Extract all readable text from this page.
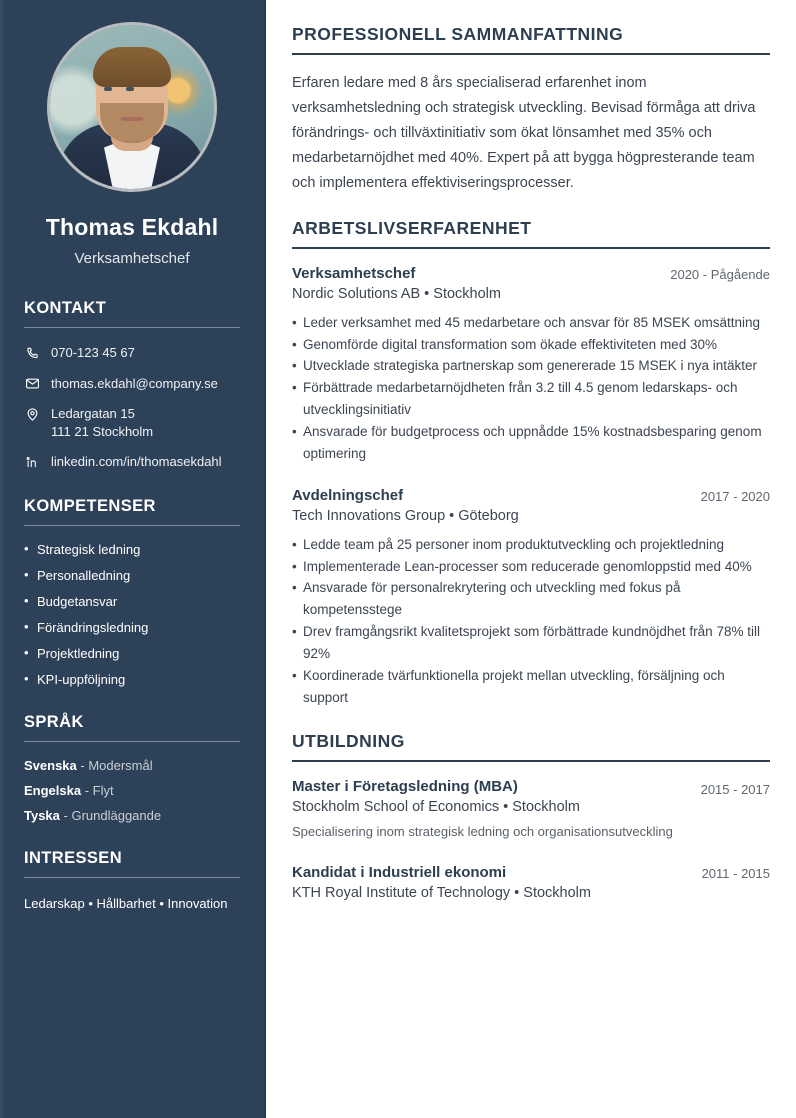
Thomas Ekdahl
Verksamhetschef
KONTAKT
070-123 45 67
thomas.ekdahl@company.se
Ledargatan 15
111 21 Stockholm
linkedin.com/in/thomasekdahl
KOMPETENSER
• Strategisk ledning
• Personalledning
• Budgetansvar
• Förändringsledning
• Projektledning
• KPI-uppföljning
SPRÅK
Svenska - Modersmål
Engelska - Flyt
Tyska - Grundläggande
INTRESSEN
Ledarskap • Hållbarhet • Innovation
PROFESSIONELL SAMMANFATTNING

Erfaren ledare med 8 års specialiserad erfarenhet inom verksamhetsledning och strategisk utveckling. Bevisad förmåga att driva förändrings- och tillväxtinitiativ som ökat lönsamhet med 35% och medarbetarnöjdhet med 40%. Expert på att bygga högpresterande team och implementera effektiviseringsprocesser.

ARBETSLIVSERFARENHET
Verksamhetschef
Nordic Solutions AB • Stockholm
2020 - Pågående
• Leder verksamhet med 45 medarbetare och ansvar för 85 MSEK omsättning
• Genomförde digital transformation som ökade effektiviteten med 30%
• Utvecklade strategiska partnerskap som genererade 15 MSEK i nya intäkter
• Förbättrade medarbetarnöjdheten från 3.2 till 4.5 genom ledarskaps- och utvecklingsinitiativ
• Ansvarade för budgetprocess och uppnådde 15% kostnadsbesparing genom optimering
Avdelningschef
Tech Innovations Group • Göteborg
2017 - 2020
• Ledde team på 25 personer inom produktutveckling och projektledning
• Implementerade Lean-processer som reducerade genomloppstid med 40%
• Ansvarade för personalrekrytering och utveckling med fokus på kompetensstege
• Drev framgångsrikt kvalitetsprojekt som förbättrade kundnöjdhet från 78% till 92%
• Koordinerade tvärfunktionella projekt mellan utveckling, försäljning och support
UTBILDNING
Master i Företagsledning (MBA)
Stockholm School of Economics • Stockholm
2015 - 2017
Specialisering inom strategisk ledning och organisationsutveckling
Kandidat i Industriell ekonomi
KTH Royal Institute of Technology • Stockholm
2011 - 2015
